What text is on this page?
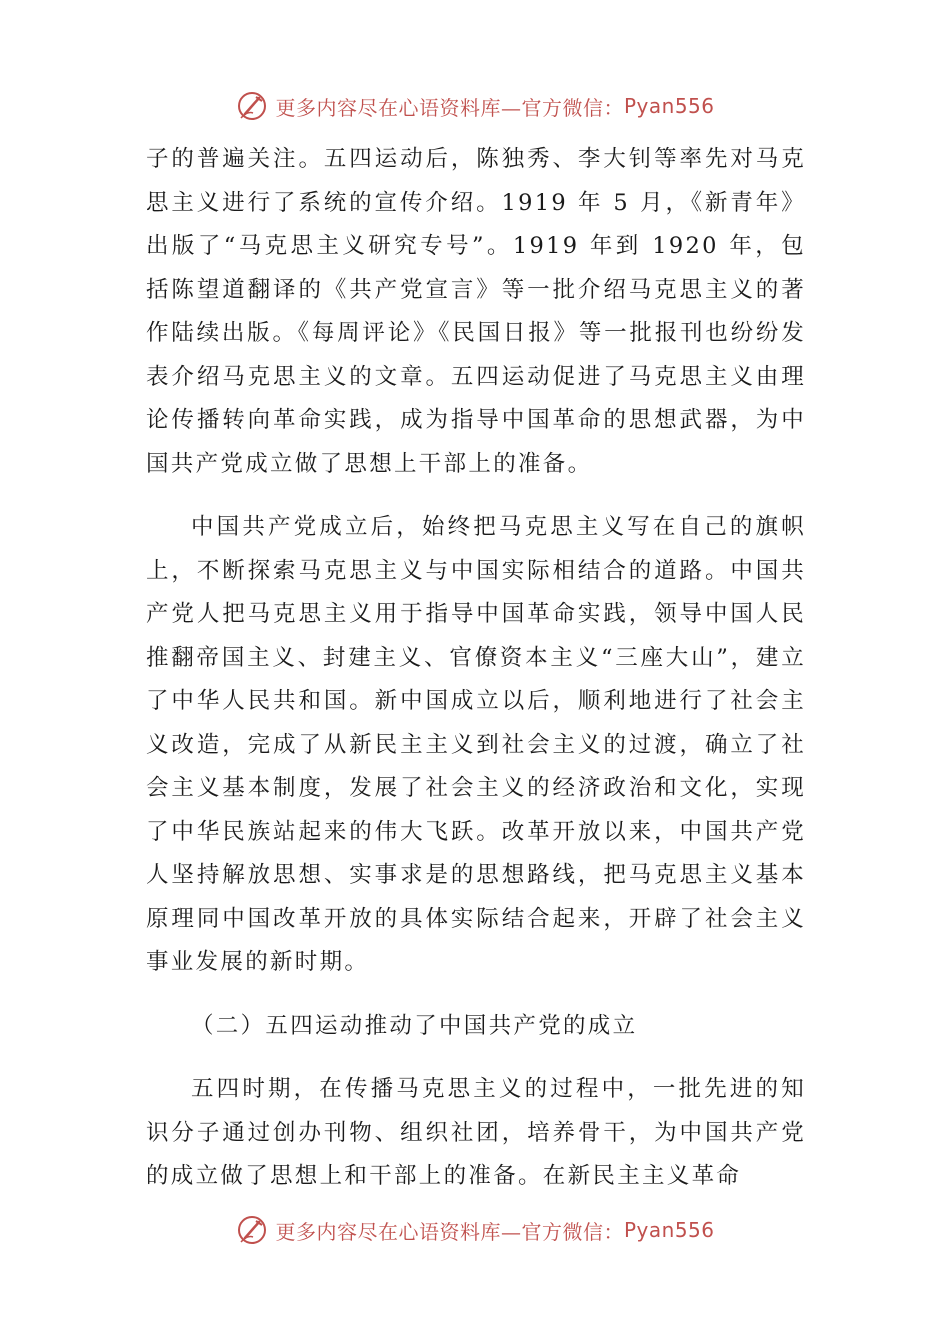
更多内容尽在心语资料库—官方微信： Pyan556

子的普遍关注。五四运动后，陈独秀、李大钊等率先对马克思主义进行了系统的宣传介绍。1919 年 5 月，《新青年》出版了“马克思主义研究专号”。1919 年到 1920 年，包括陈望道翻译的《共产党宣言》等一批介绍马克思主义的著作陆续出版。《每周评论》《民国日报》等一批报刊也纷纷发表介绍马克思主义的文章。五四运动促进了马克思主义由理论传播转向革命实践，成为指导中国革命的思想武器，为中国共产党成立做了思想上干部上的准备。

中国共产党成立后，始终把马克思主义写在自己的旗帜上，不断探索马克思主义与中国实际相结合的道路。中国共产党人把马克思主义用于指导中国革命实践，领导中国人民推翻帝国主义、封建主义、官僚资本主义“三座大山”，建立了中华人民共和国。新中国成立以后，顺利地进行了社会主义改造，完成了从新民主主义到社会主义的过渡，确立了社会主义基本制度，发展了社会主义的经济政治和文化，实现了中华民族站起来的伟大飞跃。改革开放以来，中国共产党人坚持解放思想、实事求是的思想路线，把马克思主义基本原理同中国改革开放的具体实际结合起来，开辟了社会主义事业发展的新时期。

（二）五四运动推动了中国共产党的成立

五四时期，在传播马克思主义的过程中，一批先进的知识分子通过创办刊物、组织社团，培养骨干，为中国共产党的成立做了思想上和干部上的准备。在新民主主义革命

更多内容尽在心语资料库—官方微信： Pyan556
